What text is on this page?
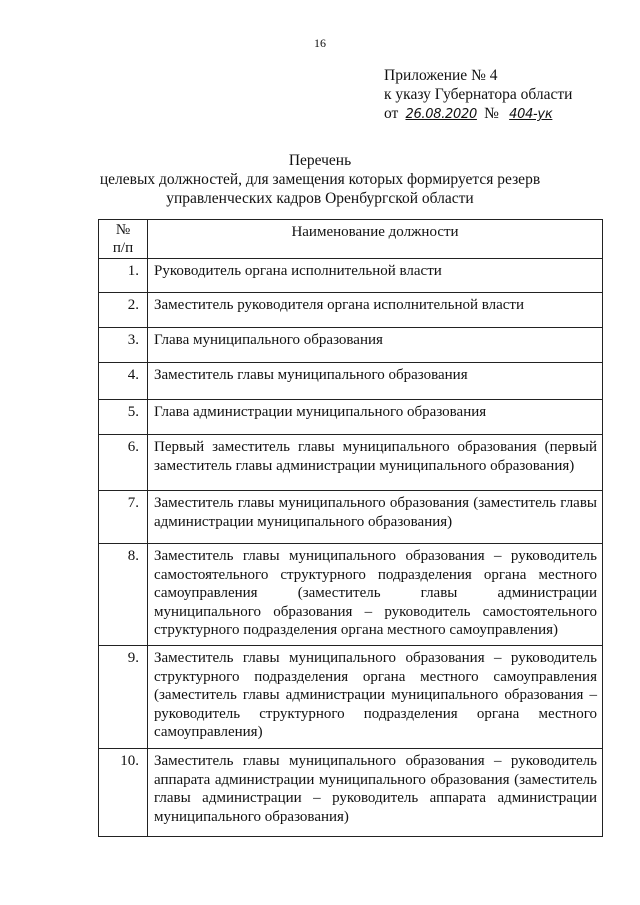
16
Приложение № 4
к указу Губернатора области
от 26.08.2020 № 404-ук
Перечень
целевых должностей, для замещения которых формируется резерв
управленческих кадров Оренбургской области
№
п/п	Наименование должности
1.	Руководитель органа исполнительной власти
2.	Заместитель руководителя органа исполнительной власти
3.	Глава муниципального образования
4.	Заместитель главы муниципального образования
5.	Глава администрации муниципального образования
6.	Первый заместитель главы муниципального образования (первый заместитель главы администрации муниципального образования)
7.	Заместитель главы муниципального образования (заместитель главы администрации муниципального образования)
8.	Заместитель главы муниципального образования – руководитель самостоятельного структурного подразделения органа местного самоуправления (заместитель главы администрации муниципального образования – руководитель самостоятельного структурного подразделения органа местного самоуправления)
9.	Заместитель главы муниципального образования – руководитель структурного подразделения органа местного самоуправления (заместитель главы администрации муниципального образования – руководитель структурного подразделения органа местного самоуправления)
10.	Заместитель главы муниципального образования – руководитель аппарата администрации муниципального образования (заместитель главы администрации – руководитель аппарата администрации муниципального образования)
